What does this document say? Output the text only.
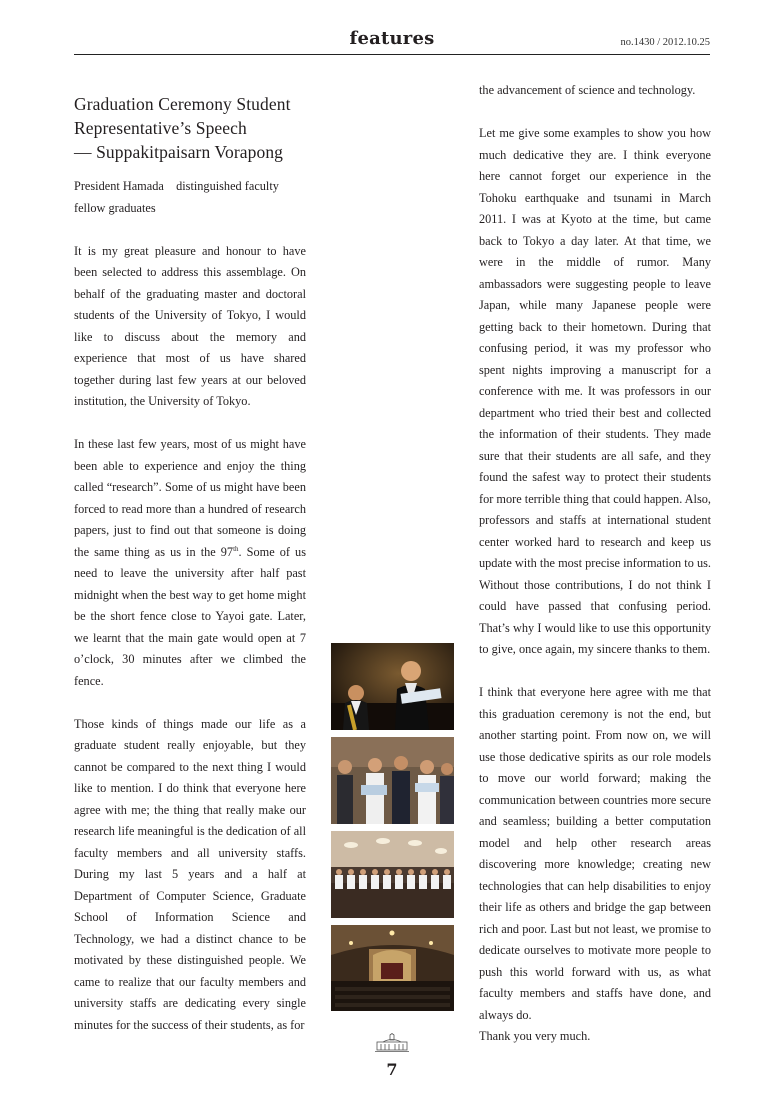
features	no.1430 / 2012.10.25
Graduation Ceremony Student
Representative’s Speech
— Suppakitpaisarn Vorapong

President Hamada    distinguished faculty
fellow graduates

It is my great pleasure and honour to have been selected to address this assemblage. On behalf of the graduating master and doctoral students of the University of Tokyo, I would like to discuss about the memory and experience that most of us have shared together during last few years at our beloved institution, the University of Tokyo.

In these last few years, most of us might have been able to experience and enjoy the thing called “research”. Some of us might have been forced to read more than a hundred of research papers, just to find out that someone is doing the same thing as us in the 97th. Some of us need to leave the university after half past midnight when the best way to get home might be the short fence close to Yayoi gate. Later, we learnt that the main gate would open at 7 o’clock, 30 minutes after we climbed the fence.

Those kinds of things made our life as a graduate student really enjoyable, but they cannot be compared to the next thing I would like to mention. I do think that everyone here agree with me; the thing that really make our research life meaningful is the dedication of all faculty members and all university staffs. During my last 5 years and a half at Department of Computer Science, Graduate School of Information Science and Technology, we had a distinct chance to be motivated by these distinguished people. We came to realize that our faculty members and university staffs are dedicating every single minutes for the success of their students, as for

the advancement of science and technology.

Let me give some examples to show you how much dedicative they are. I think everyone here cannot forget our experience in the Tohoku earthquake and tsunami in March 2011. I was at Kyoto at the time, but came back to Tokyo a day later. At that time, we were in the middle of rumor. Many ambassadors were suggesting people to leave Japan, while many Japanese people were getting back to their hometown. During that confusing period, it was my professor who spent nights improving a manuscript for a conference with me. It was professors in our department who tried their best and collected the information of their students. They made sure that their students are all safe, and they found the safest way to protect their students for more terrible thing that could happen. Also, professors and staffs at international student center worked hard to research and keep us update with the most precise information to us. Without those contributions, I do not think I could have passed that confusing period. That’s why I would like to use this opportunity to give, once again, my sincere thanks to them.

I think that everyone here agree with me that this graduation ceremony is not the end, but another starting point. From now on, we will use those dedicative spirits as our role models to move our world forward; making the communication between countries more secure and seamless; building a better computation model and help other research areas discovering more knowledge; creating new technologies that can help disabilities to enjoy their life as others and bridge the gap between rich and poor. Last but not least, we promise to dedicate ourselves to motivate more people to push this world forward with us, as what faculty members and staffs have done, and always do.

Thank you very much.

7
